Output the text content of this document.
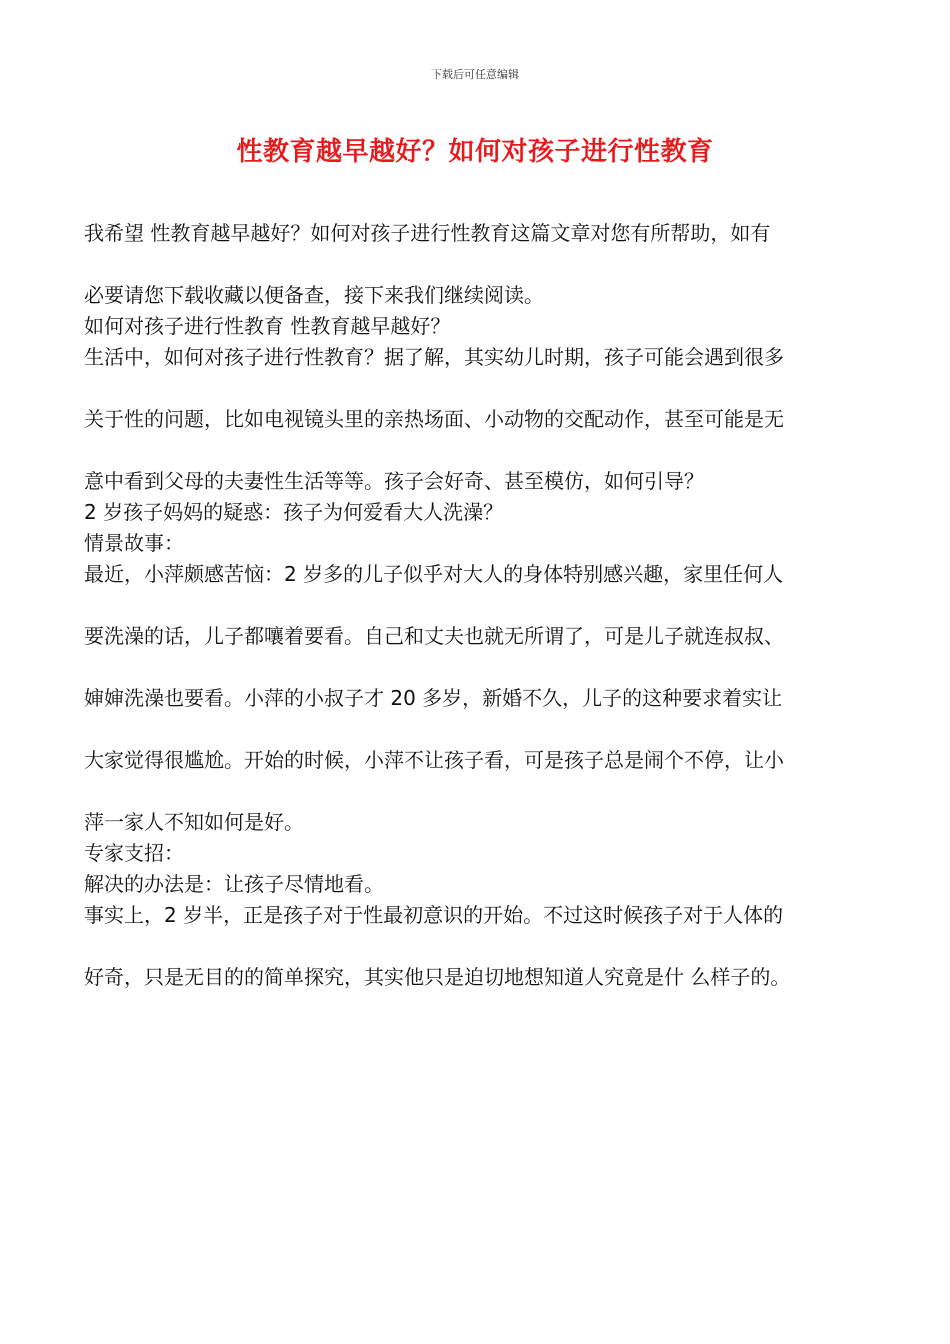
下载后可任意编辑
性教育越早越好？如何对孩子进行性教育

我希望 性教育越早越好？如何对孩子进行性教育这篇文章对您有所帮助，如有

必要请您下载收藏以便备查，接下来我们继续阅读。

如何对孩子进行性教育 性教育越早越好？

生活中，如何对孩子进行性教育？据了解，其实幼儿时期，孩子可能会遇到很多

关于性的问题，比如电视镜头里的亲热场面、小动物的交配动作，甚至可能是无

意中看到父母的夫妻性生活等等。孩子会好奇、甚至模仿，如何引导？

2 岁孩子妈妈的疑惑：孩子为何爱看大人洗澡？

情景故事：

最近，小萍颇感苦恼：2 岁多的儿子似乎对大人的身体特别感兴趣，家里任何人

要洗澡的话，儿子都嚷着要看。自己和丈夫也就无所谓了，可是儿子就连叔叔、

婶婶洗澡也要看。小萍的小叔子才 20 多岁，新婚不久，儿子的这种要求着实让

大家觉得很尴尬。开始的时候，小萍不让孩子看，可是孩子总是闹个不停，让小

萍一家人不知如何是好。

专家支招：

解决的办法是：让孩子尽情地看。

事实上，2 岁半，正是孩子对于性最初意识的开始。不过这时候孩子对于人体的

好奇，只是无目的的简单探究，其实他只是迫切地想知道人究竟是什 么样子的。
